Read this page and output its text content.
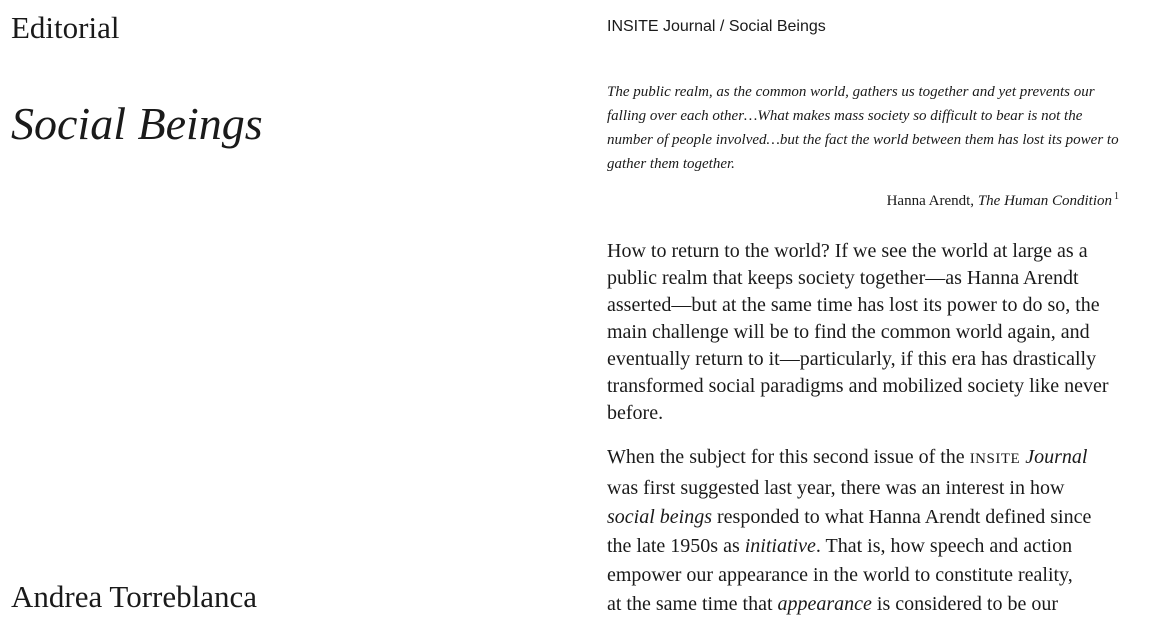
Editorial
Social Beings

Andrea Torreblanca

INSITE Journal / Social Beings

The public realm, as the common world, gathers us together and yet prevents our falling over each other…What makes mass society so difficult to bear is not the number of people involved…but the fact the world between them has lost its power to gather them together.

Hanna Arendt, The Human Condition $^1$

How to return to the world? If we see the world at large as a public realm that keeps society together—as Hanna Arendt asserted—but at the same time has lost its power to do so, the main challenge will be to find the common world again, and eventually return to it—particularly, if this era has drastically transformed social paradigms and mobilized society like never before.

When the subject for this second issue of the INSITE Journal
was first suggested last year, there was an interest in how
social beings responded to what Hanna Arendt defined since
the late 1950s as initiative. That is, how speech and action
empower our appearance in the world to constitute reality,
at the same time that appearance is considered to be our
